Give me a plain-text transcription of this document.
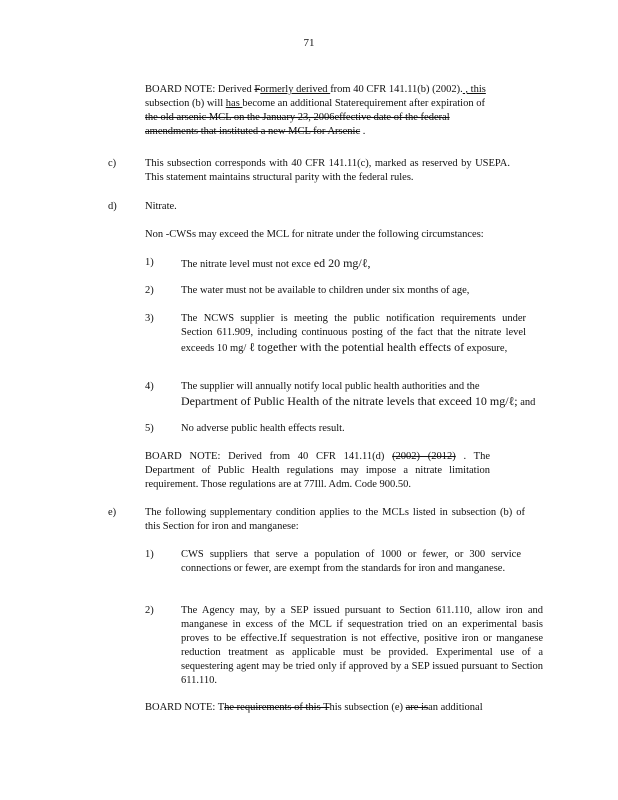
71
BOARD NOTE: Derived Formerly derived from 40 CFR 141.11(b) (2002). , this
subsection (b) will has become an additional Staterequirement after expiration of
the old arsenic MCL on the January 23, 2006effective date of the federal
amendments that instituted a new MCL for Arsenic .
c)	This subsection corresponds with 40 CFR 141.11(c), marked as reserved by USEPA. This statement maintains structural parity with the federal rules.
d)	Nitrate.
Non -CWSs may exceed the MCL for nitrate under the following circumstances:
1)	The nitrate level must not exce ed 20 mg/ℓ,
2)	The water must not be available to children under six months of age,
3)	The NCWS supplier is meeting the public notification requirements under Section 611.909, including continuous posting of the fact that the nitrate level exceeds 10 mg/ ℓ together with the potential health effects of exposure,
4)	The supplier will annually notify local public health authorities and the
Department of Public Health of the nitrate levels that exceed 10 mg/ℓ; and
5)	No adverse public health effects result.
BOARD NOTE: Derived from 40 CFR 141.11(d) (2002) (2012) . The Department of Public Health regulations may impose a nitrate limitation requirement. Those regulations are at 77Ill. Adm. Code 900.50.
e)	The following supplementary condition applies to the MCLs listed in subsection (b) of this Section for iron and manganese:
1)	CWS suppliers that serve a population of 1000 or fewer, or 300 service connections or fewer, are exempt from the standards for iron and manganese.
2)	The Agency may, by a SEP issued pursuant to Section 611.110, allow iron and manganese in excess of the MCL if sequestration tried on an experimental basis proves to be effective.If sequestration is not effective, positive iron or manganese reduction treatment as applicable must be provided. Experimental use of a sequestering agent may be tried only if approved by a SEP issued pursuant to Section 611.110.
BOARD NOTE: The requirements of this This subsection (e) are isan additional
